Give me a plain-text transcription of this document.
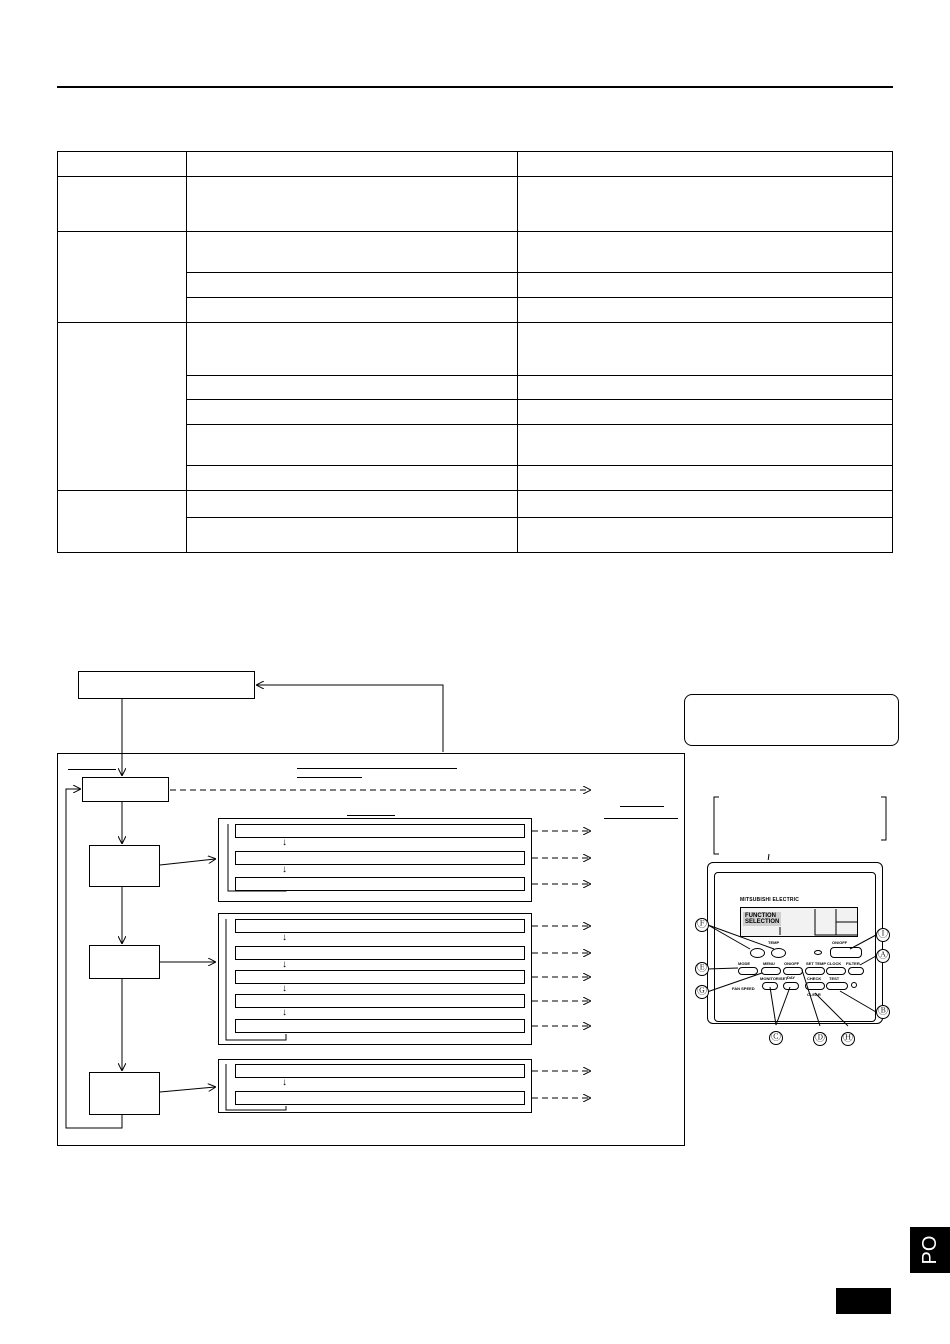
↓
↓
↓
↓
↓
↓
↓
MITSUBISHI ELECTRIC
FUNCTION
SELECTION
TEMP	ON/OFF
MODE	MENU ON/OFF SET TEMP CLOCK FILTER
MONITOR/SET DAY	CHECK TEST
FAN SPEED
CLEAR
Ⓕ
Ⓘ
Ⓐ
Ⓔ
Ⓖ
Ⓑ
Ⓒ	Ⓓ Ⓗ
PO
